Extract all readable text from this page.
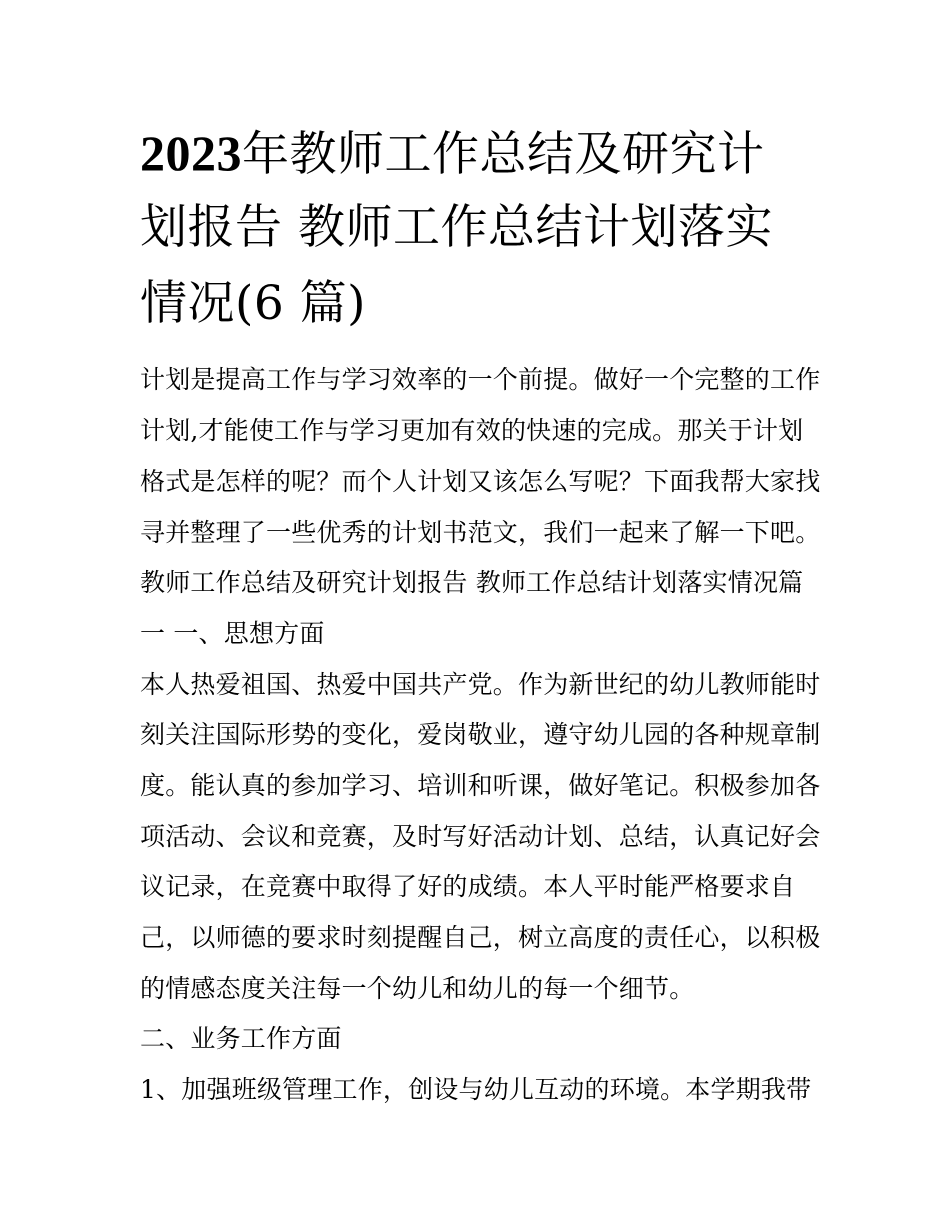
2023年教师工作总结及研究计
划报告 教师工作总结计划落实
情况(6 篇)
计划是提高工作与学习效率的一个前提。做好一个完整的工作
计划,才能使工作与学习更加有效的快速的完成。那关于计划
格式是怎样的呢？而个人计划又该怎么写呢？下面我帮大家找
寻并整理了一些优秀的计划书范文，我们一起来了解一下吧。
教师工作总结及研究计划报告 教师工作总结计划落实情况篇
一 一、思想方面
本人热爱祖国、热爱中国共产党。作为新世纪的幼儿教师能时
刻关注国际形势的变化，爱岗敬业，遵守幼儿园的各种规章制
度。能认真的参加学习、培训和听课，做好笔记。积极参加各
项活动、会议和竞赛，及时写好活动计划、总结，认真记好会
议记录，在竞赛中取得了好的成绩。本人平时能严格要求自
己，以师德的要求时刻提醒自己，树立高度的责任心，以积极
的情感态度关注每一个幼儿和幼儿的每一个细节。
二、业务工作方面
1、加强班级管理工作，创设与幼儿互动的环境。本学期我带
